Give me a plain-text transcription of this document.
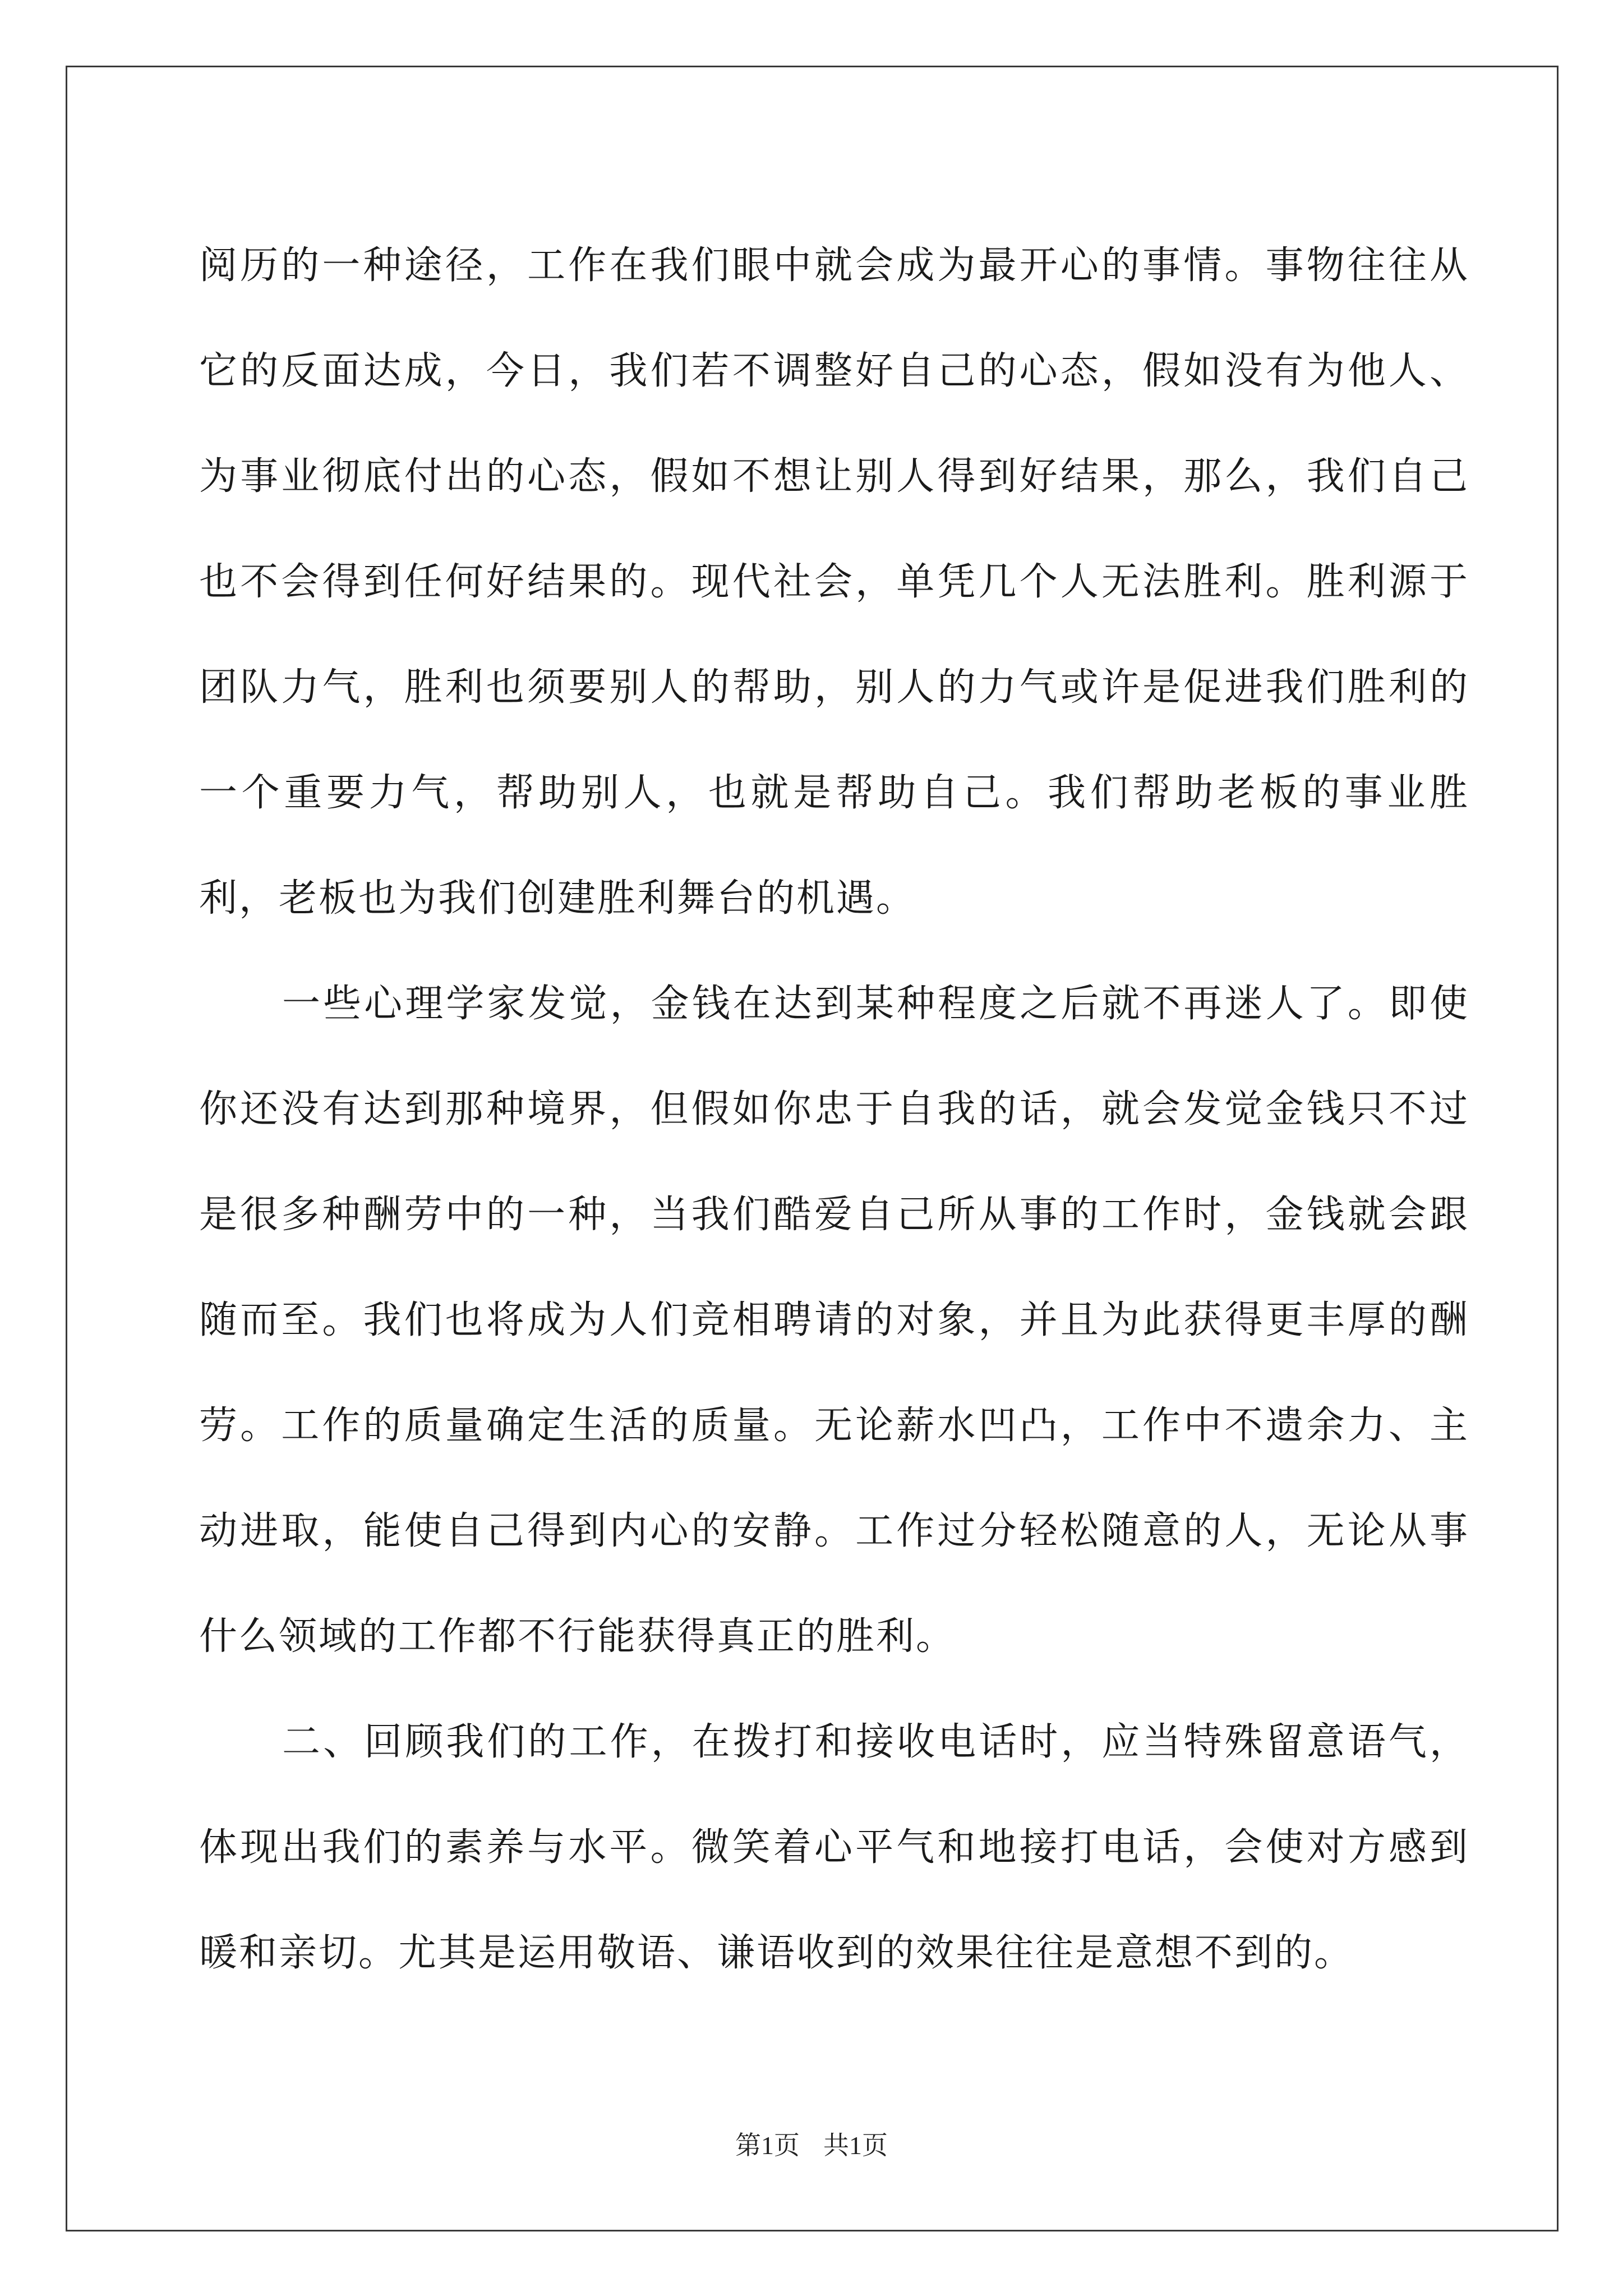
阅历的一种途径，工作在我们眼中就会成为最开心的事情。事物往往从它的反面达成，今日，我们若不调整好自己的心态，假如没有为他人、为事业彻底付出的心态，假如不想让别人得到好结果，那么，我们自己也不会得到任何好结果的。现代社会，单凭几个人无法胜利。胜利源于团队力气，胜利也须要别人的帮助，别人的力气或许是促进我们胜利的一个重要力气，帮助别人，也就是帮助自己。我们帮助老板的事业胜利，老板也为我们创建胜利舞台的机遇。

一些心理学家发觉，金钱在达到某种程度之后就不再迷人了。即使你还没有达到那种境界，但假如你忠于自我的话，就会发觉金钱只不过是很多种酬劳中的一种，当我们酷爱自己所从事的工作时，金钱就会跟随而至。我们也将成为人们竞相聘请的对象，并且为此获得更丰厚的酬劳。工作的质量确定生活的质量。无论薪水凹凸，工作中不遗余力、主动进取，能使自己得到内心的安静。工作过分轻松随意的人，无论从事什么领域的工作都不行能获得真正的胜利。

二、回顾我们的工作，在拨打和接收电话时，应当特殊留意语气，体现出我们的素养与水平。微笑着心平气和地接打电话，会使对方感到暖和亲切。尤其是运用敬语、谦语收到的效果往往是意想不到的。

第1页 共1页
